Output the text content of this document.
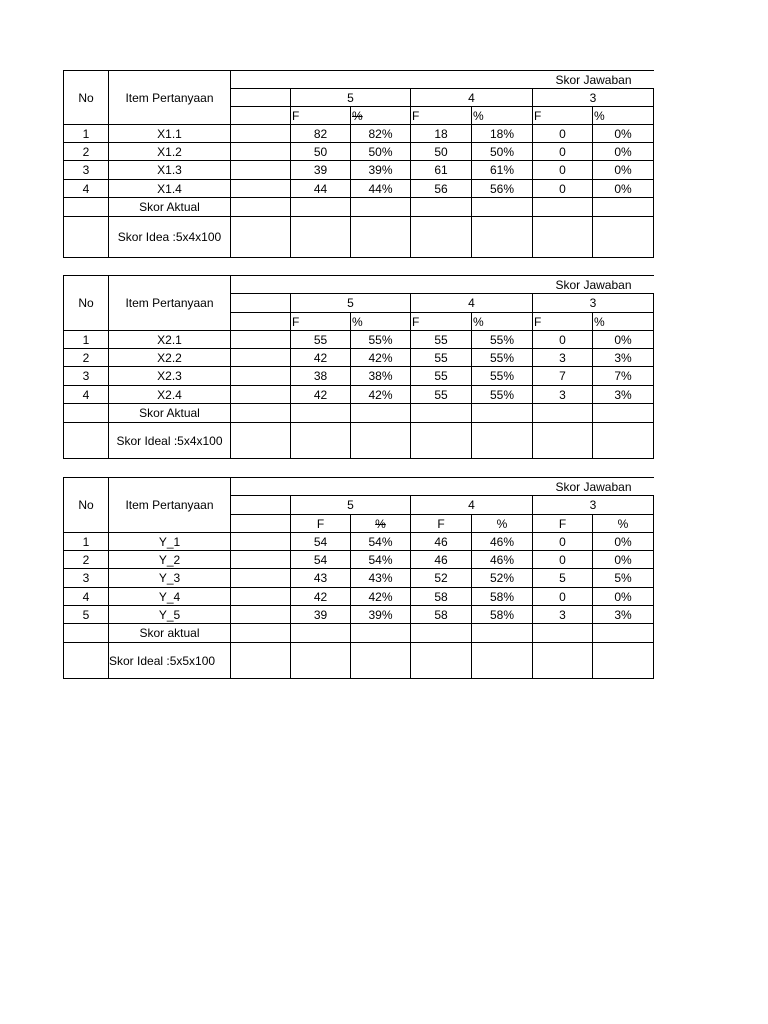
No	Item Pertanyaan	Skor Jawaban						
			5		4		3	
			F	%	F	%	F	%
1	X1.1		82	82%	18	18%	0	0%
2	X1.2		50	50%	50	50%	0	0%
3	X1.3		39	39%	61	61%	0	0%
4	X1.4		44	44%	56	56%	0	0%
	Skor Aktual							
	Skor Idea :5x4x100							
No	Item Pertanyaan	Skor Jawaban						
			5		4		3	
			F	%	F	%	F	%
1	X2.1		55	55%	55	55%	0	0%
2	X2.2		42	42%	55	55%	3	3%
3	X2.3		38	38%	55	55%	7	7%
4	X2.4		42	42%	55	55%	3	3%
	Skor Aktual							
	Skor Ideal :5x4x100							
No	Item Pertanyaan	Skor Jawaban						
			5		4		3	
			F	%	F	%	F	%
1	Y_1		54	54%	46	46%	0	0%
2	Y_2		54	54%	46	46%	0	0%
3	Y_3		43	43%	52	52%	5	5%
4	Y_4		42	42%	58	58%	0	0%
5	Y_5		39	39%	58	58%	3	3%
	Skor aktual							
	Skor Ideal :5x5x100							
